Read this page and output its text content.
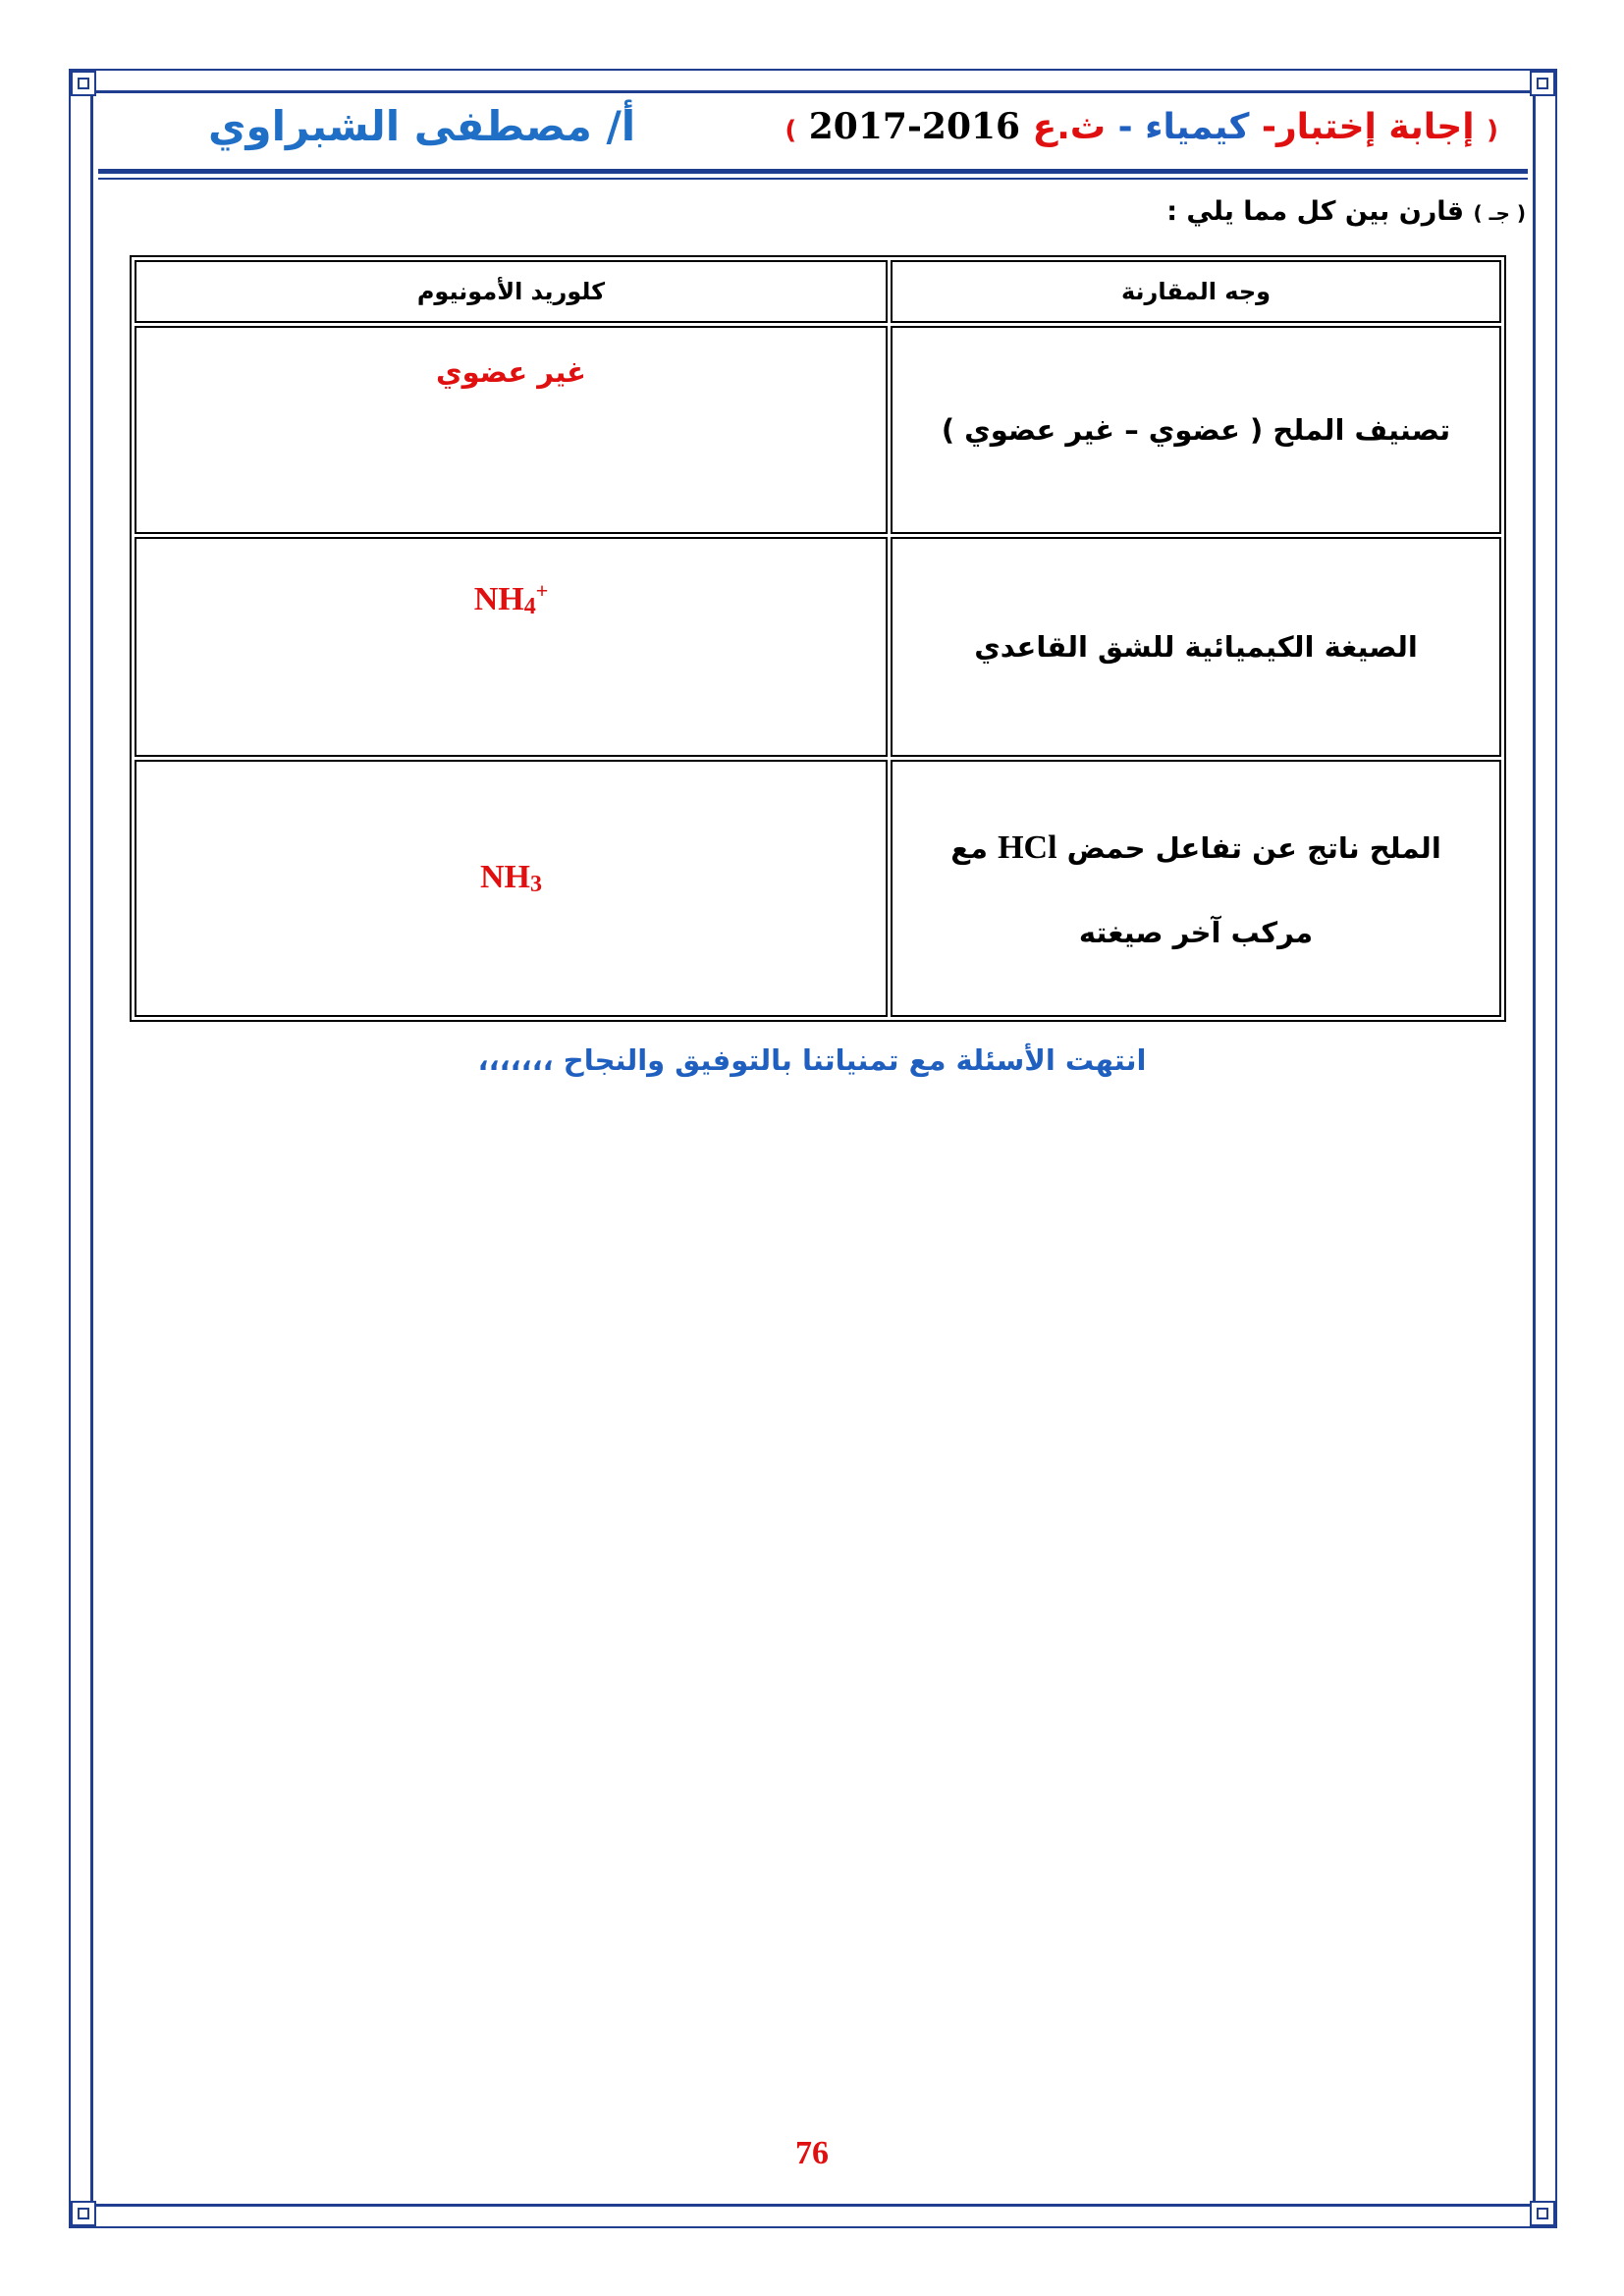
( إجابة إختبار- كيمياء - ث.ع 2016-2017 )
أ/ مصطفى الشبراوي
( جـ ) قارن بين كل مما يلي :
وجه المقارنة	كلوريد الأمونيوم
تصنيف الملح ( عضوي – غير عضوي )	غير عضوي
الصيغة الكيميائية للشق القاعدي	$NH_4^+$

الملح ناتج عن تفاعل حمض HCl مع
مركب آخر صيغته	$NH_3$
انتهت الأسئلة مع تمنياتنا بالتوفيق والنجاح ،،،،،،،
76
